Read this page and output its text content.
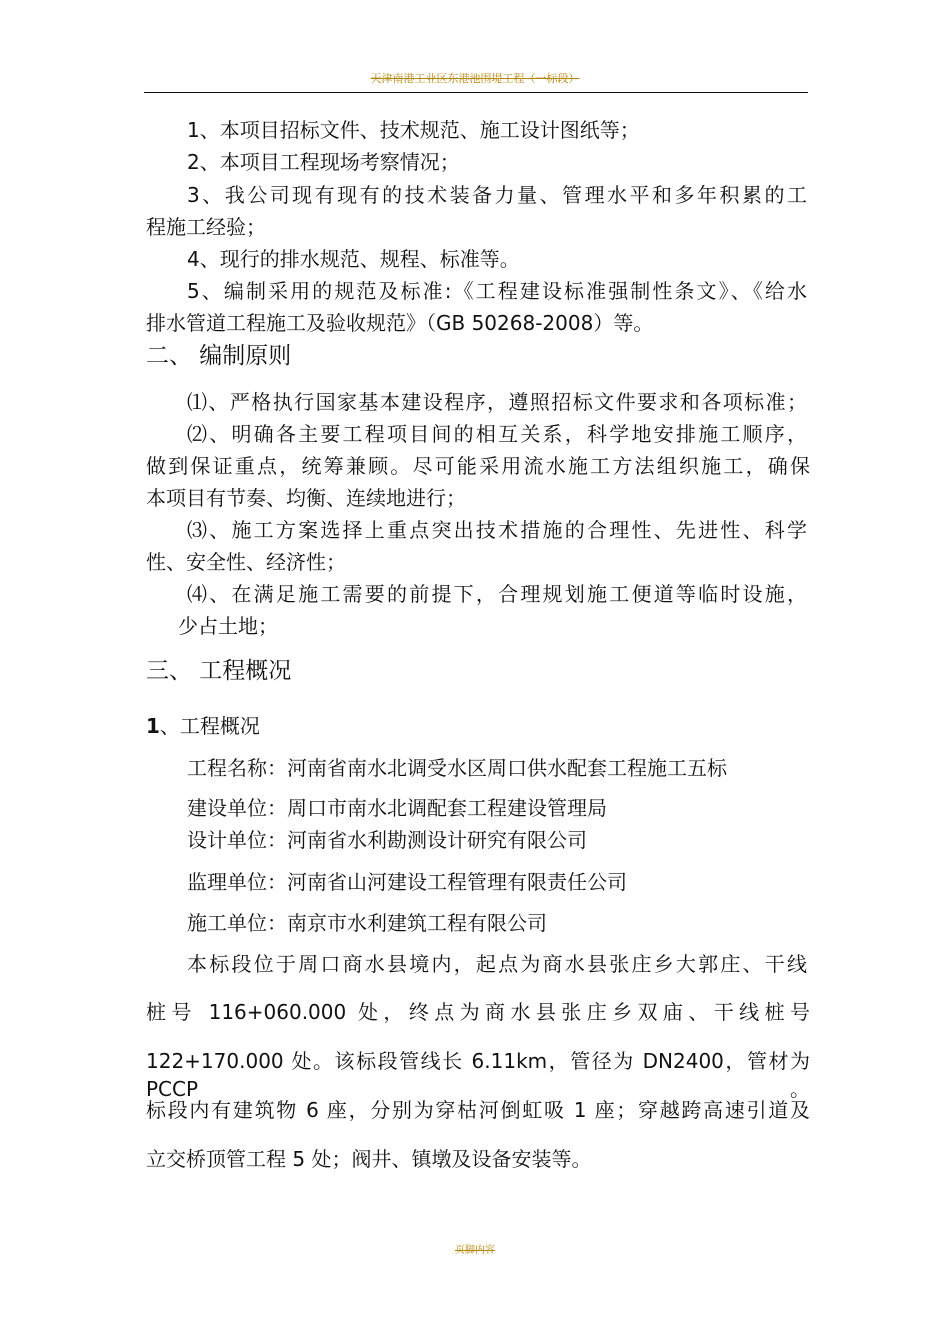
天津南港工业区东港池围堤工程（一标段）
1、本项目招标文件、技术规范、施工设计图纸等；
2、本项目工程现场考察情况；
3、我公司现有现有的技术装备力量、管理水平和多年积累的工
程施工经验；
4、现行的排水规范、规程、标准等。
5、编制采用的规范及标准:《工程建设标准强制性条文》、《给水
排水管道工程施工及验收规范》（GB 50268-2008）等。
二、 编制原则
⑴、严格执行国家基本建设程序，遵照招标文件要求和各项标准；
⑵、明确各主要工程项目间的相互关系，科学地安排施工顺序，
做到保证重点，统筹兼顾。尽可能采用流水施工方法组织施工，确保
本项目有节奏、均衡、连续地进行；
⑶、施工方案选择上重点突出技术措施的合理性、先进性、科学
性、安全性、经济性；
⑷、在满足施工需要的前提下，合理规划施工便道等临时设施，
少占土地；
三、 工程概况
1、工程概况
工程名称：河南省南水北调受水区周口供水配套工程施工五标
建设单位：周口市南水北调配套工程建设管理局
设计单位：河南省水利勘测设计研究有限公司
监理单位：河南省山河建设工程管理有限责任公司
施工单位：南京市水利建筑工程有限公司
本标段位于周口商水县境内，起点为商水县张庄乡大郭庄、干线
桩号 116+060.000 处，终点为商水县张庄乡双庙、干线桩号
122+170.000 处。该标段管线长 6.11km，管径为 DN2400，管材为 PCCP。
标段内有建筑物 6 座，分别为穿枯河倒虹吸 1 座；穿越跨高速引道及
立交桥顶管工程 5 处；阀井、镇墩及设备安装等。
页脚内容
